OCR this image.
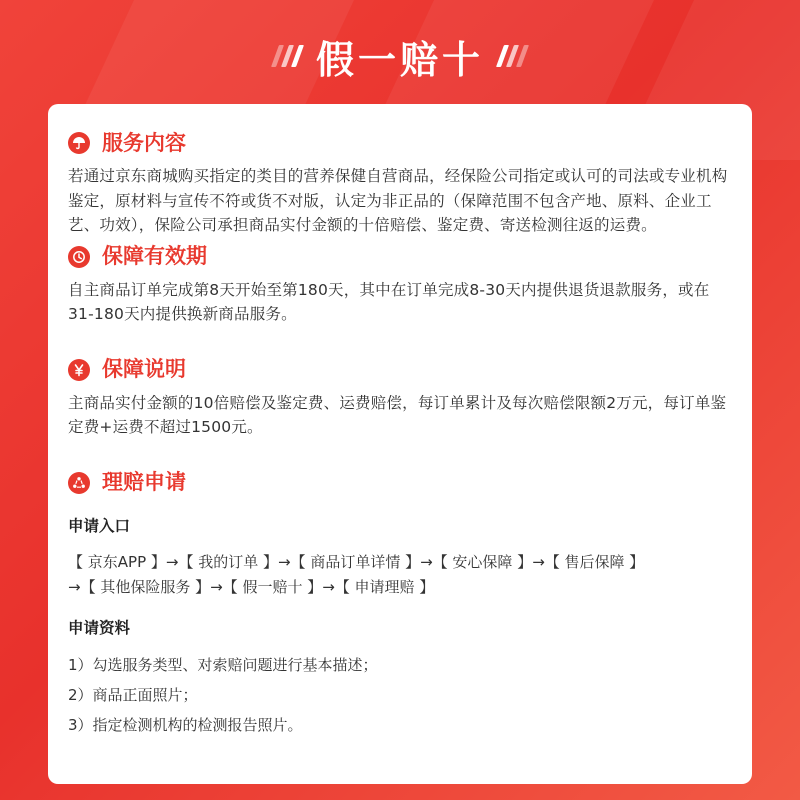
假一赔十
服务内容

若通过京东商城购买指定的类目的营养保健自营商品，经保险公司指定或认可的司法或专业机构鉴定，原材料与宣传不符或货不对版，认定为非正品的（保障范围不包含产地、原料、企业工艺、功效），保险公司承担商品实付金额的十倍赔偿、鉴定费、寄送检测往返的运费。

保障有效期

自主商品订单完成第8天开始至第180天，其中在订单完成8-30天内提供退货退款服务，或在31-180天内提供换新商品服务。

保障说明

主商品实付金额的10倍赔偿及鉴定费、运费赔偿，每订单累计及每次赔偿限额2万元，每订单鉴定费+运费不超过1500元。

理赔申请
申请入口
【 京东APP 】→【 我的订单 】→【 商品订单详情 】→【 安心保障 】→【 售后保障 】
→【 其他保险服务 】→【 假一赔十 】→【 申请理赔 】
申请资料
1）勾选服务类型、对索赔问题进行基本描述；
2）商品正面照片；
3）指定检测机构的检测报告照片。
